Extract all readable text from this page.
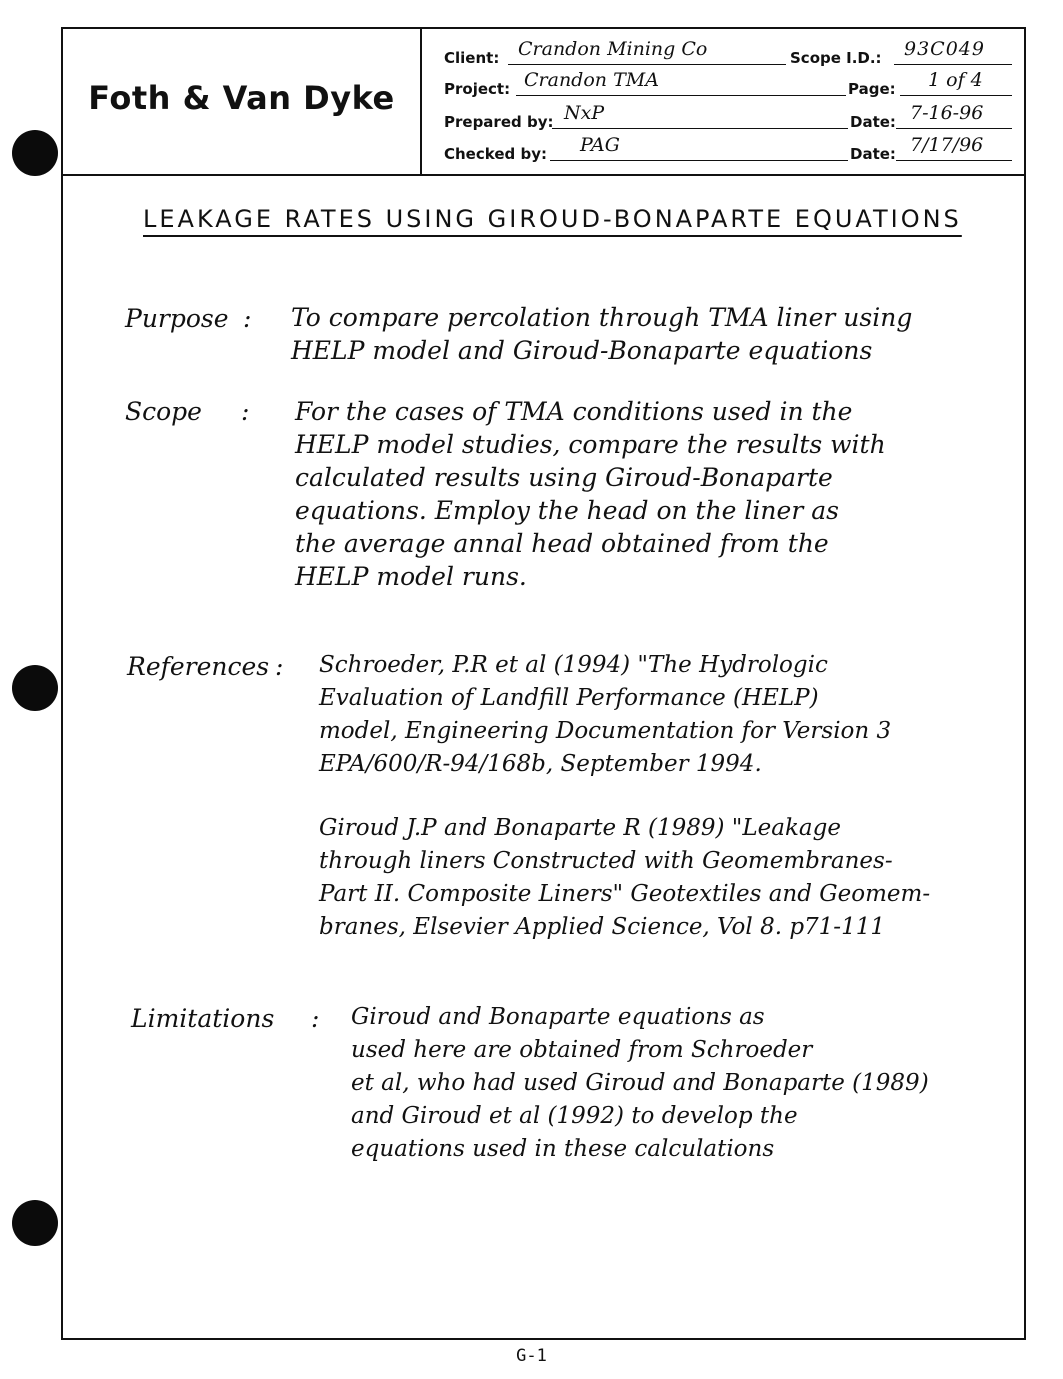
Foth & Van Dyke
Client: Crandon Mining Co	Scope I.D.:	93C049
Project: Crandon TMA	Page:	1 of 4
Prepared by: NxP	Date: 7-16-96
Checked by:	PAG	Date: 7/17/96
LEAKAGE RATES USING GIROUD-BONAPARTE EQUATIONS
Purpose : To compare percolation through TMA liner using
HELP model and Giroud-Bonaparte equations
Scope : For the cases of TMA conditions used in the
HELP model studies, compare the results with
calculated results using Giroud-Bonaparte
equations. Employ the head on the liner as
the average annal head obtained from the
HELP model runs.
References : Schroeder, P.R et al (1994) "The Hydrologic
Evaluation of Landfill Performance (HELP)
model, Engineering Documentation for Version 3
EPA/600/R-94/168b, September 1994.
Giroud J.P and Bonaparte R (1989) "Leakage
through liners Constructed with Geomembranes-
Part II. Composite Liners" Geotextiles and Geomem-
branes, Elsevier Applied Science, Vol 8. p71-111
Limitations : Giroud and Bonaparte equations as
used here are obtained from Schroeder
et al, who had used Giroud and Bonaparte (1989)
and Giroud et al (1992) to develop the
equations used in these calculations
G-1
